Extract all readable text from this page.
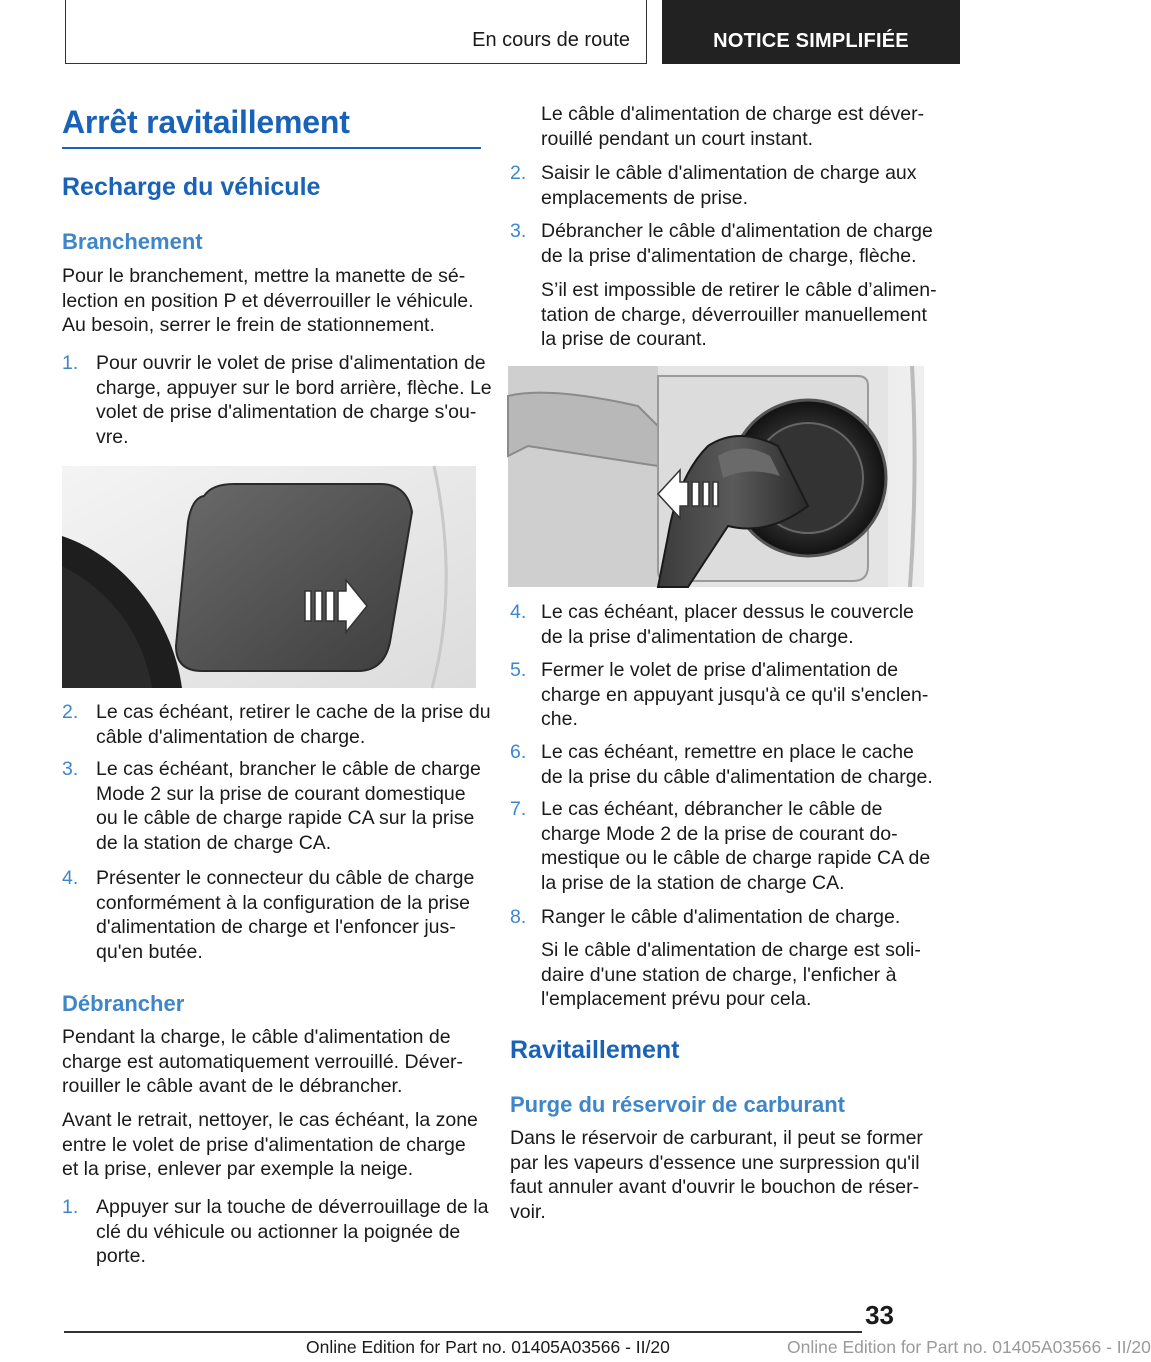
En cours de route	NOTICE SIMPLIFIÉE
Arrêt ravitaillement
Recharge du véhicule
Branchement
Pour le branchement, mettre la manette de sé-
lection en position P et déverrouiller le véhicule.
Au besoin, serrer le frein de stationnement.
1. Pour ouvrir le volet de prise d'alimentation de
charge, appuyer sur le bord arrière, flèche. Le
volet de prise d'alimentation de charge s'ou-
vre.
2. Le cas échéant, retirer le cache de la prise du
câble d'alimentation de charge.
3. Le cas échéant, brancher le câble de charge
Mode 2 sur la prise de courant domestique
ou le câble de charge rapide CA sur la prise
de la station de charge CA.
4. Présenter le connecteur du câble de charge
conformément à la configuration de la prise
d'alimentation de charge et l'enfoncer jus-
qu'en butée.
Débrancher
Pendant la charge, le câble d'alimentation de
charge est automatiquement verrouillé. Déver-
rouiller le câble avant de le débrancher.
Avant le retrait, nettoyer, le cas échéant, la zone
entre le volet de prise d'alimentation de charge
et la prise, enlever par exemple la neige.
1. Appuyer sur la touche de déverrouillage de la
clé du véhicule ou actionner la poignée de
porte.
Le câble d'alimentation de charge est déver-
rouillé pendant un court instant.
2. Saisir le câble d'alimentation de charge aux
emplacements de prise.
3. Débrancher le câble d'alimentation de charge
de la prise d'alimentation de charge, flèche.
S’il est impossible de retirer le câble d’alimen-
tation de charge, déverrouiller manuellement
la prise de courant.
4. Le cas échéant, placer dessus le couvercle
de la prise d'alimentation de charge.
5. Fermer le volet de prise d'alimentation de
charge en appuyant jusqu'à ce qu'il s'enclen-
che.
6. Le cas échéant, remettre en place le cache
de la prise du câble d'alimentation de charge.
7. Le cas échéant, débrancher le câble de
charge Mode 2 de la prise de courant do-
mestique ou le câble de charge rapide CA de
la prise de la station de charge CA.
8. Ranger le câble d'alimentation de charge.
Si le câble d'alimentation de charge est soli-
daire d'une station de charge, l'enficher à
l'emplacement prévu pour cela.
Ravitaillement
Purge du réservoir de carburant
Dans le réservoir de carburant, il peut se former
par les vapeurs d'essence une surpression qu'il
faut annuler avant d'ouvrir le bouchon de réser-
voir.
33
Online Edition for Part no. 01405A03566 - II/20	Online Edition for Part no. 01405A03566 - II/20
